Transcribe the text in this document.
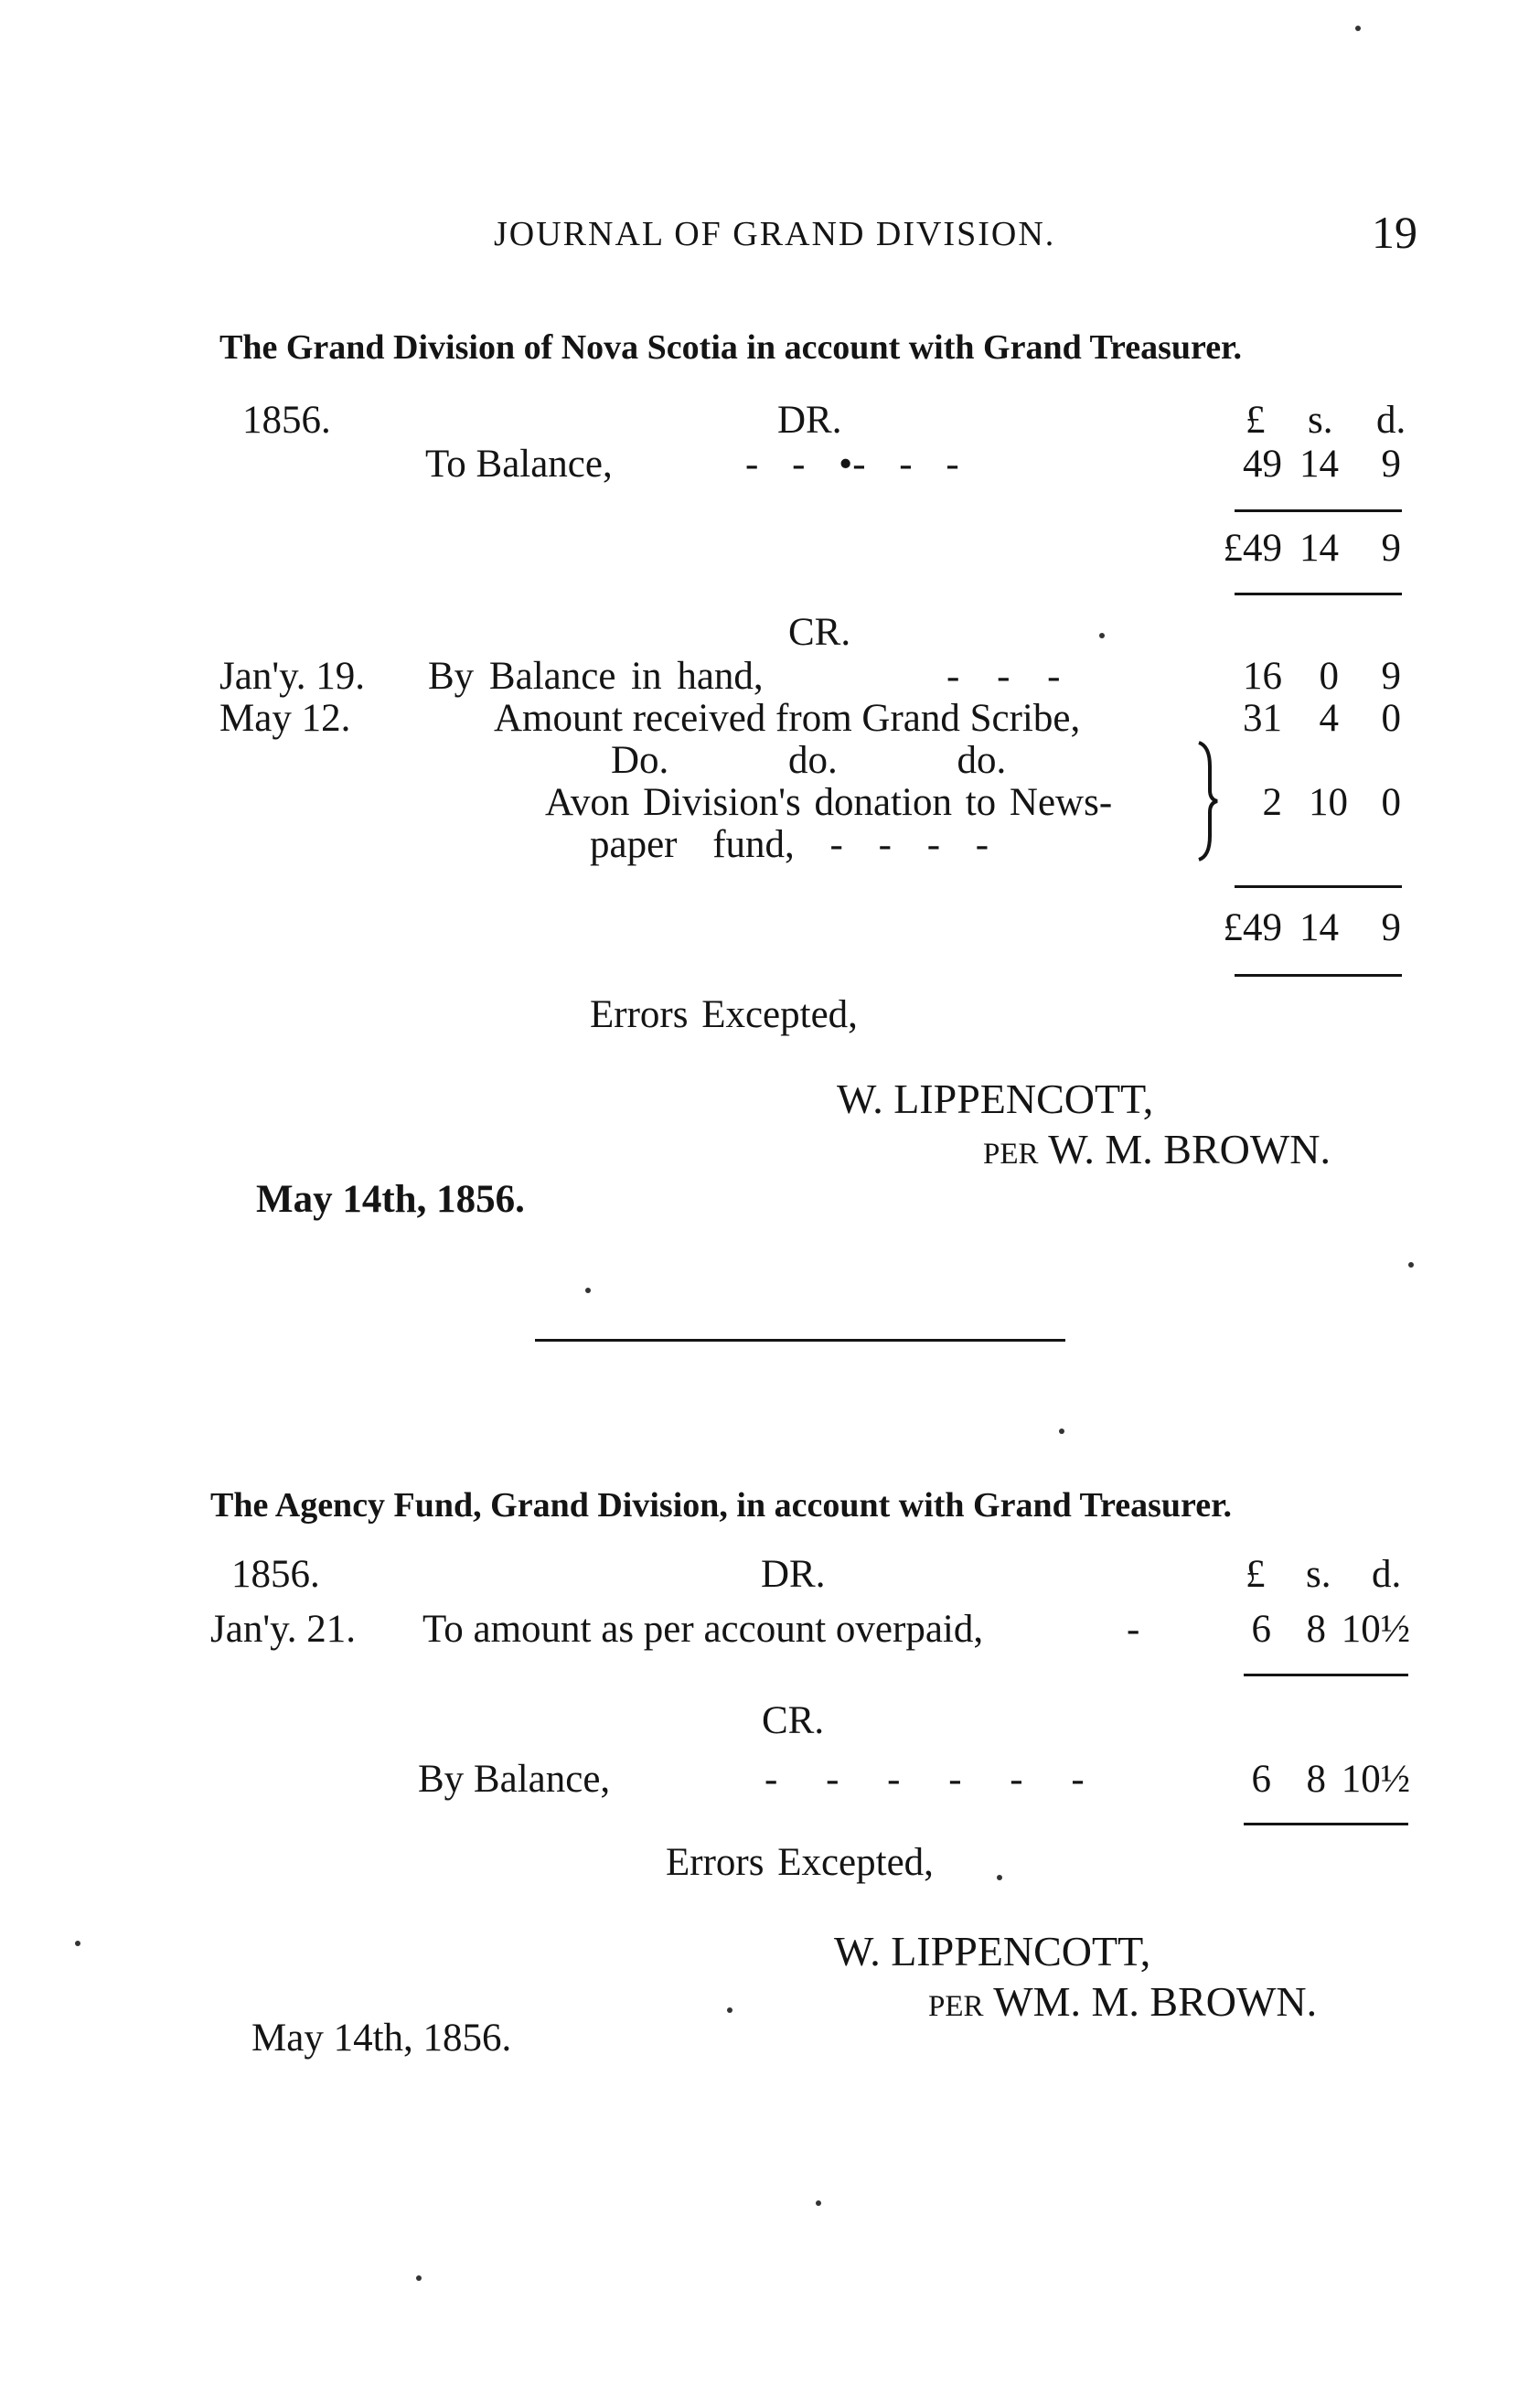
JOURNAL OF GRAND DIVISION.	19
The Grand Division of Nova Scotia in account with Grand Treasurer.
1856.	DR.	£ s. d.
To Balance,	- - •- - -	49 14 9
£49 14 9
CR.
Jan'y. 19. By Balance in hand,	- - -	16 0 9
May 12.	Amount received from Grand Scribe,	31 4 0
Do. do. do.
Avon Division's donation to News-
paper fund, - - - -
2 10 0
£49 14 9
Errors Excepted,
W. LIPPENCOTT,
PER W. M. BROWN.
May 14th, 1856.
The Agency Fund, Grand Division, in account with Grand Treasurer.
1856.	DR.	£ s. d.
Jan'y. 21. To amount as per account overpaid,	-	6 8 10½
CR.
By Balance,	- - - - - -	6 8 10½
Errors Excepted,
W. LIPPENCOTT,
PER WM. M. BROWN.
May 14th, 1856.
